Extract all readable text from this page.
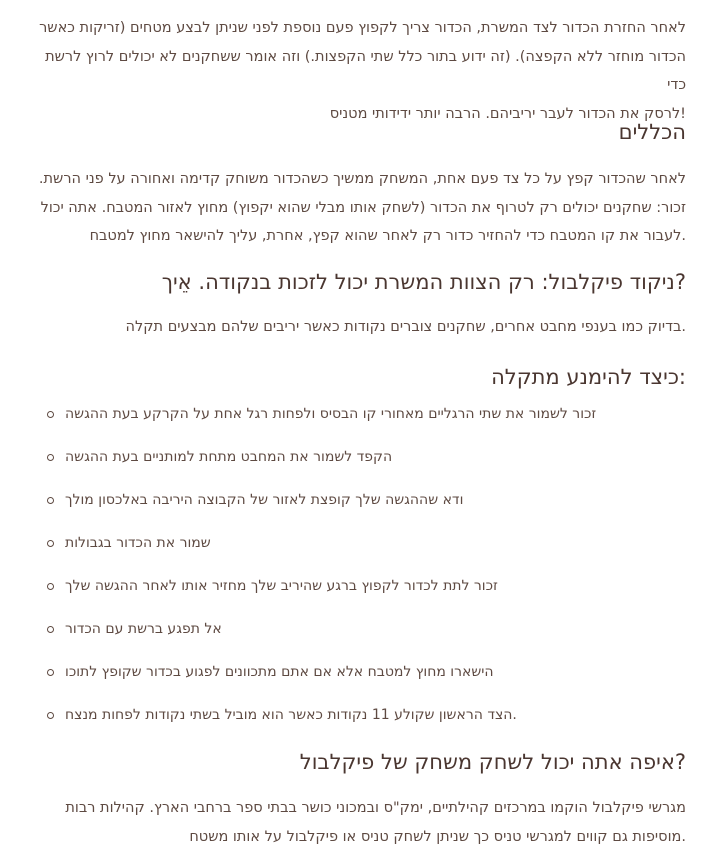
לאחר החזרת הכדור לצד המשרת, הכדור צריך לקפוץ פעם נוספת לפני שניתן לבצע מטחים (זריקות כאשר

הכדור מוחזר ללא הקפצה). (זה ידוע בתור כלל שתי הקפצות.) וזה אומר ששחקנים לא יכולים לרוץ לרשת כדי

!לרסק את הכדור לעבר יריביהם. הרבה יותר ידידותי מטניס

הכללים

לאחר שהכדור קפץ על כל צד פעם אחת, המשחק ממשיך כשהכדור משוחק קדימה ואחורה על פני הרשת.

זכור: שחקנים יכולים רק לטרוף את הכדור (לשחק אותו מבלי שהוא יקפוץ) מחוץ לאזור המטבח. אתה יכול

.לעבור את קו המטבח כדי להחזיר כדור רק לאחר שהוא קפץ, אחרת, עליך להישאר מחוץ למטבח

?ניקוד פיקלבול: רק הצוות המשרת יכול לזכות בנקודה. אֵיך

.בדיוק כמו בענפי מחבט אחרים, שחקנים צוברים נקודות כאשר יריבים שלהם מבצעים תקלה

:כיצד להימנע מתקלה
זכור לשמור את שתי הרגליים מאחורי קו הבסיס ולפחות רגל אחת על הקרקע בעת ההגשה
הקפד לשמור את המחבט מתחת למותניים בעת ההגשה
ודא שההגשה שלך קופצת לאזור של הקבוצה היריבה באלכסון מולך
שמור את הכדור בגבולות
זכור לתת לכדור לקפוץ ברגע שהיריב שלך מחזיר אותו לאחר ההגשה שלך
אל תפגע ברשת עם הכדור
הישארו מחוץ למטבח אלא אם אתם מתכוונים לפגוע בכדור שקופץ לתוכו
.הצד הראשון שקולע 11 נקודות כאשר הוא מוביל בשתי נקודות לפחות מנצח
?איפה אתה יכול לשחק משחק של פיקלבול

מגרשי פיקלבול הוקמו במרכזים קהילתיים, ימק"ס ובמכוני כושר בבתי ספר ברחבי הארץ. קהילות רבות

.מוסיפות גם קווים למגרשי טניס כך שניתן לשחק טניס או פיקלבול על אותו משטח
